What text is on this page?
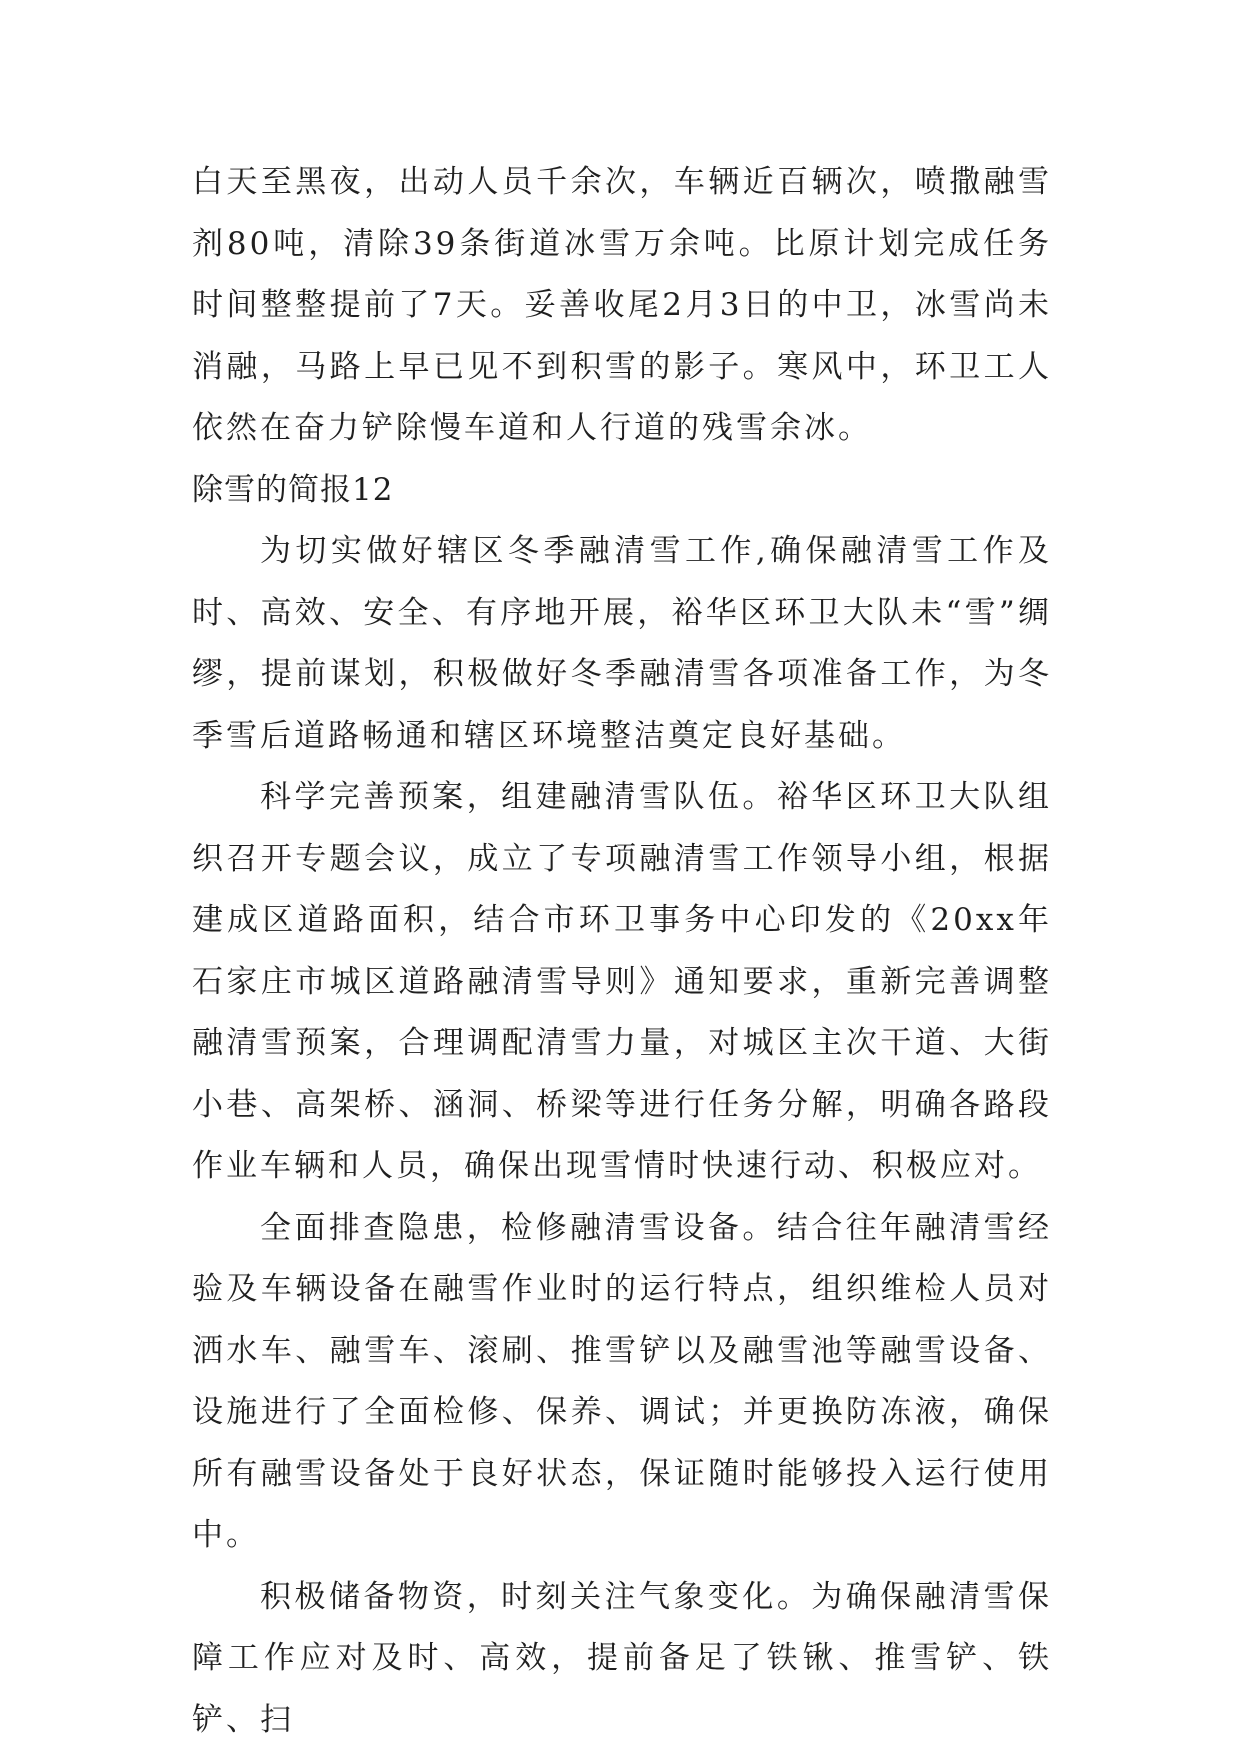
白天至黑夜，出动人员千余次，车辆近百辆次，喷撒融雪剂80吨，清除39条街道冰雪万余吨。比原计划完成任务时间整整提前了7天。妥善收尾2月3日的中卫，冰雪尚未消融，马路上早已见不到积雪的影子。寒风中，环卫工人依然在奋力铲除慢车道和人行道的残雪余冰。

除雪的简报12

为切实做好辖区冬季融清雪工作,确保融清雪工作及时、高效、安全、有序地开展，裕华区环卫大队未“雪”绸缪，提前谋划，积极做好冬季融清雪各项准备工作，为冬季雪后道路畅通和辖区环境整洁奠定良好基础。

科学完善预案，组建融清雪队伍。裕华区环卫大队组织召开专题会议，成立了专项融清雪工作领导小组，根据建成区道路面积，结合市环卫事务中心印发的《20xx年石家庄市城区道路融清雪导则》通知要求，重新完善调整融清雪预案，合理调配清雪力量，对城区主次干道、大街小巷、高架桥、涵洞、桥梁等进行任务分解，明确各路段作业车辆和人员，确保出现雪情时快速行动、积极应对。

全面排查隐患，检修融清雪设备。结合往年融清雪经验及车辆设备在融雪作业时的运行特点，组织维检人员对洒水车、融雪车、滚刷、推雪铲以及融雪池等融雪设备、设施进行了全面检修、保养、调试；并更换防冻液，确保所有融雪设备处于良好状态，保证随时能够投入运行使用中。

积极储备物资，时刻关注气象变化。为确保融清雪保障工作应对及时、高效，提前备足了铁锹、推雪铲、铁铲、扫
